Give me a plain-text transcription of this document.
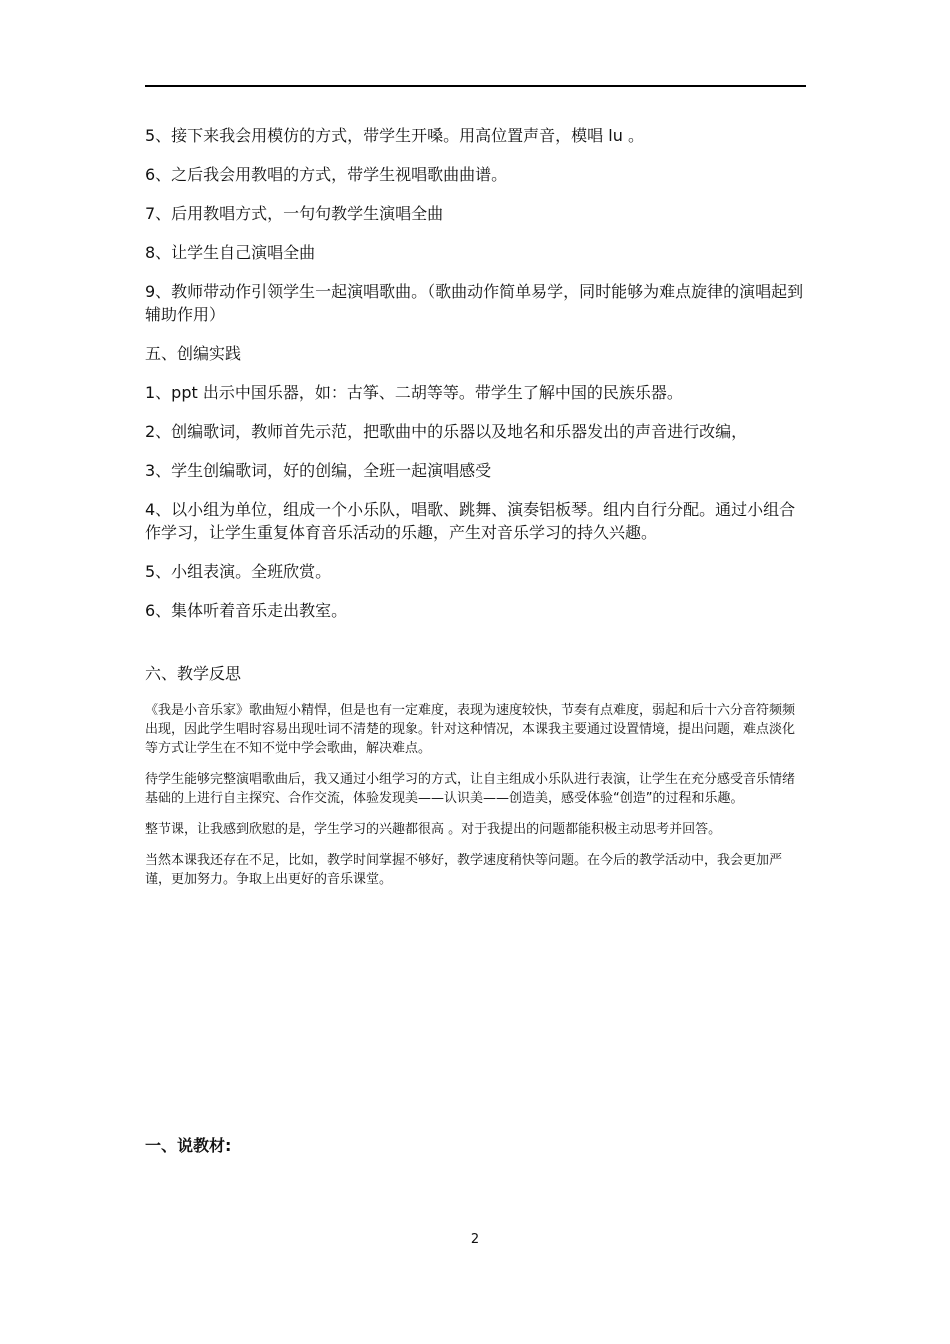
5、接下来我会用模仿的方式，带学生开嗓。用高位置声音，模唱 lu 。

6、之后我会用教唱的方式，带学生视唱歌曲曲谱。

7、后用教唱方式，一句句教学生演唱全曲

8、让学生自己演唱全曲

9、教师带动作引领学生一起演唱歌曲。（歌曲动作简单易学，同时能够为难点旋律的演唱起到辅助作用）

五、创编实践

1、ppt 出示中国乐器，如：古筝、二胡等等。带学生了解中国的民族乐器。

2、创编歌词，教师首先示范，把歌曲中的乐器以及地名和乐器发出的声音进行改编，

3、学生创编歌词，好的创编，全班一起演唱感受

4、以小组为单位，组成一个小乐队，唱歌、跳舞、演奏铝板琴。组内自行分配。通过小组合作学习，让学生重复体育音乐活动的乐趣，产生对音乐学习的持久兴趣。

5、小组表演。全班欣赏。

6、集体听着音乐走出教室。

六、教学反思

《我是小音乐家》歌曲短小精悍，但是也有一定难度，表现为速度较快，节奏有点难度，弱起和后十六分音符频频出现，因此学生唱时容易出现吐词不清楚的现象。针对这种情况，本课我主要通过设置情境，提出问题，难点淡化等方式让学生在不知不觉中学会歌曲，解决难点。

待学生能够完整演唱歌曲后，我又通过小组学习的方式，让自主组成小乐队进行表演，让学生在充分感受音乐情绪基础的上进行自主探究、合作交流，体验发现美——认识美——创造美，感受体验“创造”的过程和乐趣。

整节课，让我感到欣慰的是，学生学习的兴趣都很高 。对于我提出的问题都能积极主动思考并回答。

当然本课我还存在不足，比如，教学时间掌握不够好，教学速度稍快等问题。在今后的教学活动中，我会更加严谨，更加努力。争取上出更好的音乐课堂。

一、说教材:
2
